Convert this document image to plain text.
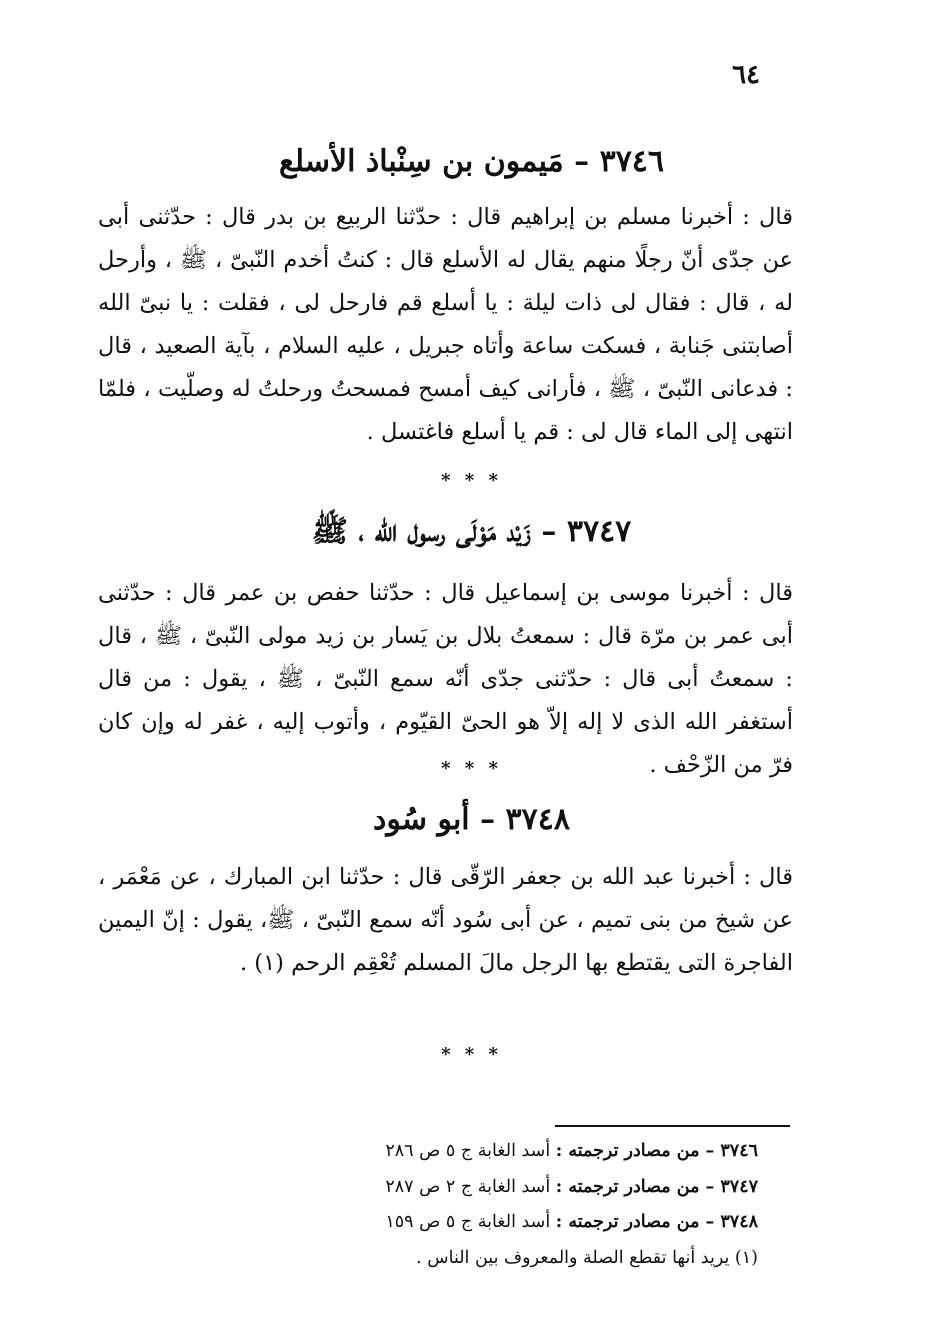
٦٤
٣٧٤٦ – مَيمون بن سِنْباذ الأسلع

قال : أخبرنا مسلم بن إبراهيم قال : حدّثنا الربيع بن بدر قال : حدّثنى أبى عن جدّى أنّ رجلًا منهم يقال له الأسلع قال : كنتُ أخدم النّبىّ ، ﷺ ، وأرحل له ، قال : فقال لى ذات ليلة : يا أسلع قم فارحل لى ، فقلت : يا نبىّ الله أصابتنى جَنابة ، فسكت ساعة وأتاه جبريل ، عليه السلام ، بآية الصعيد ، قال : فدعانى النّبىّ ، ﷺ ، فأرانى كيف أمسح فمسحتُ ورحلتُ له وصلّيت ، فلمّا انتهى إلى الماء قال لى : قم يا أسلع فاغتسل .

* * *
٣٧٤٧ – زَيْد مَوْلَى رسول الله ، ﷺ

قال : أخبرنا موسى بن إسماعيل قال : حدّثنا حفص بن عمر قال : حدّثنى أبى عمر بن مرّة قال : سمعتُ بلال بن يَسار بن زيد مولى النّبىّ ، ﷺ ، قال : سمعتُ أبى قال : حدّثنى جدّى أنّه سمع النّبىّ ، ﷺ ، يقول : من قال أستغفر الله الذى لا إله إلاّ هو الحىّ القيّوم ، وأتوب إليه ، غفر له وإن كان فرّ من الزّحْف .

* * *
٣٧٤٨ – أبو سُود

قال : أخبرنا عبد الله بن جعفر الرّقّى قال : حدّثنا ابن المبارك ، عن مَعْمَر ، عن شيخ من بنى تميم ، عن أبى سُود أنّه سمع النّبىّ ، ﷺ، يقول : إنّ اليمين الفاجرة التى يقتطع بها الرجل مالَ المسلم تُعْقِم الرحم (١) .

* * *
٣٧٤٦ – من مصادر ترجمته : أسد الغابة ج ٥ ص ٢٨٦
٣٧٤٧ – من مصادر ترجمته : أسد الغابة ج ٢ ص ٢٨٧
٣٧٤٨ – من مصادر ترجمته : أسد الغابة ج ٥ ص ١٥٩
(١) يريد أنها تقطع الصلة والمعروف بين الناس .
